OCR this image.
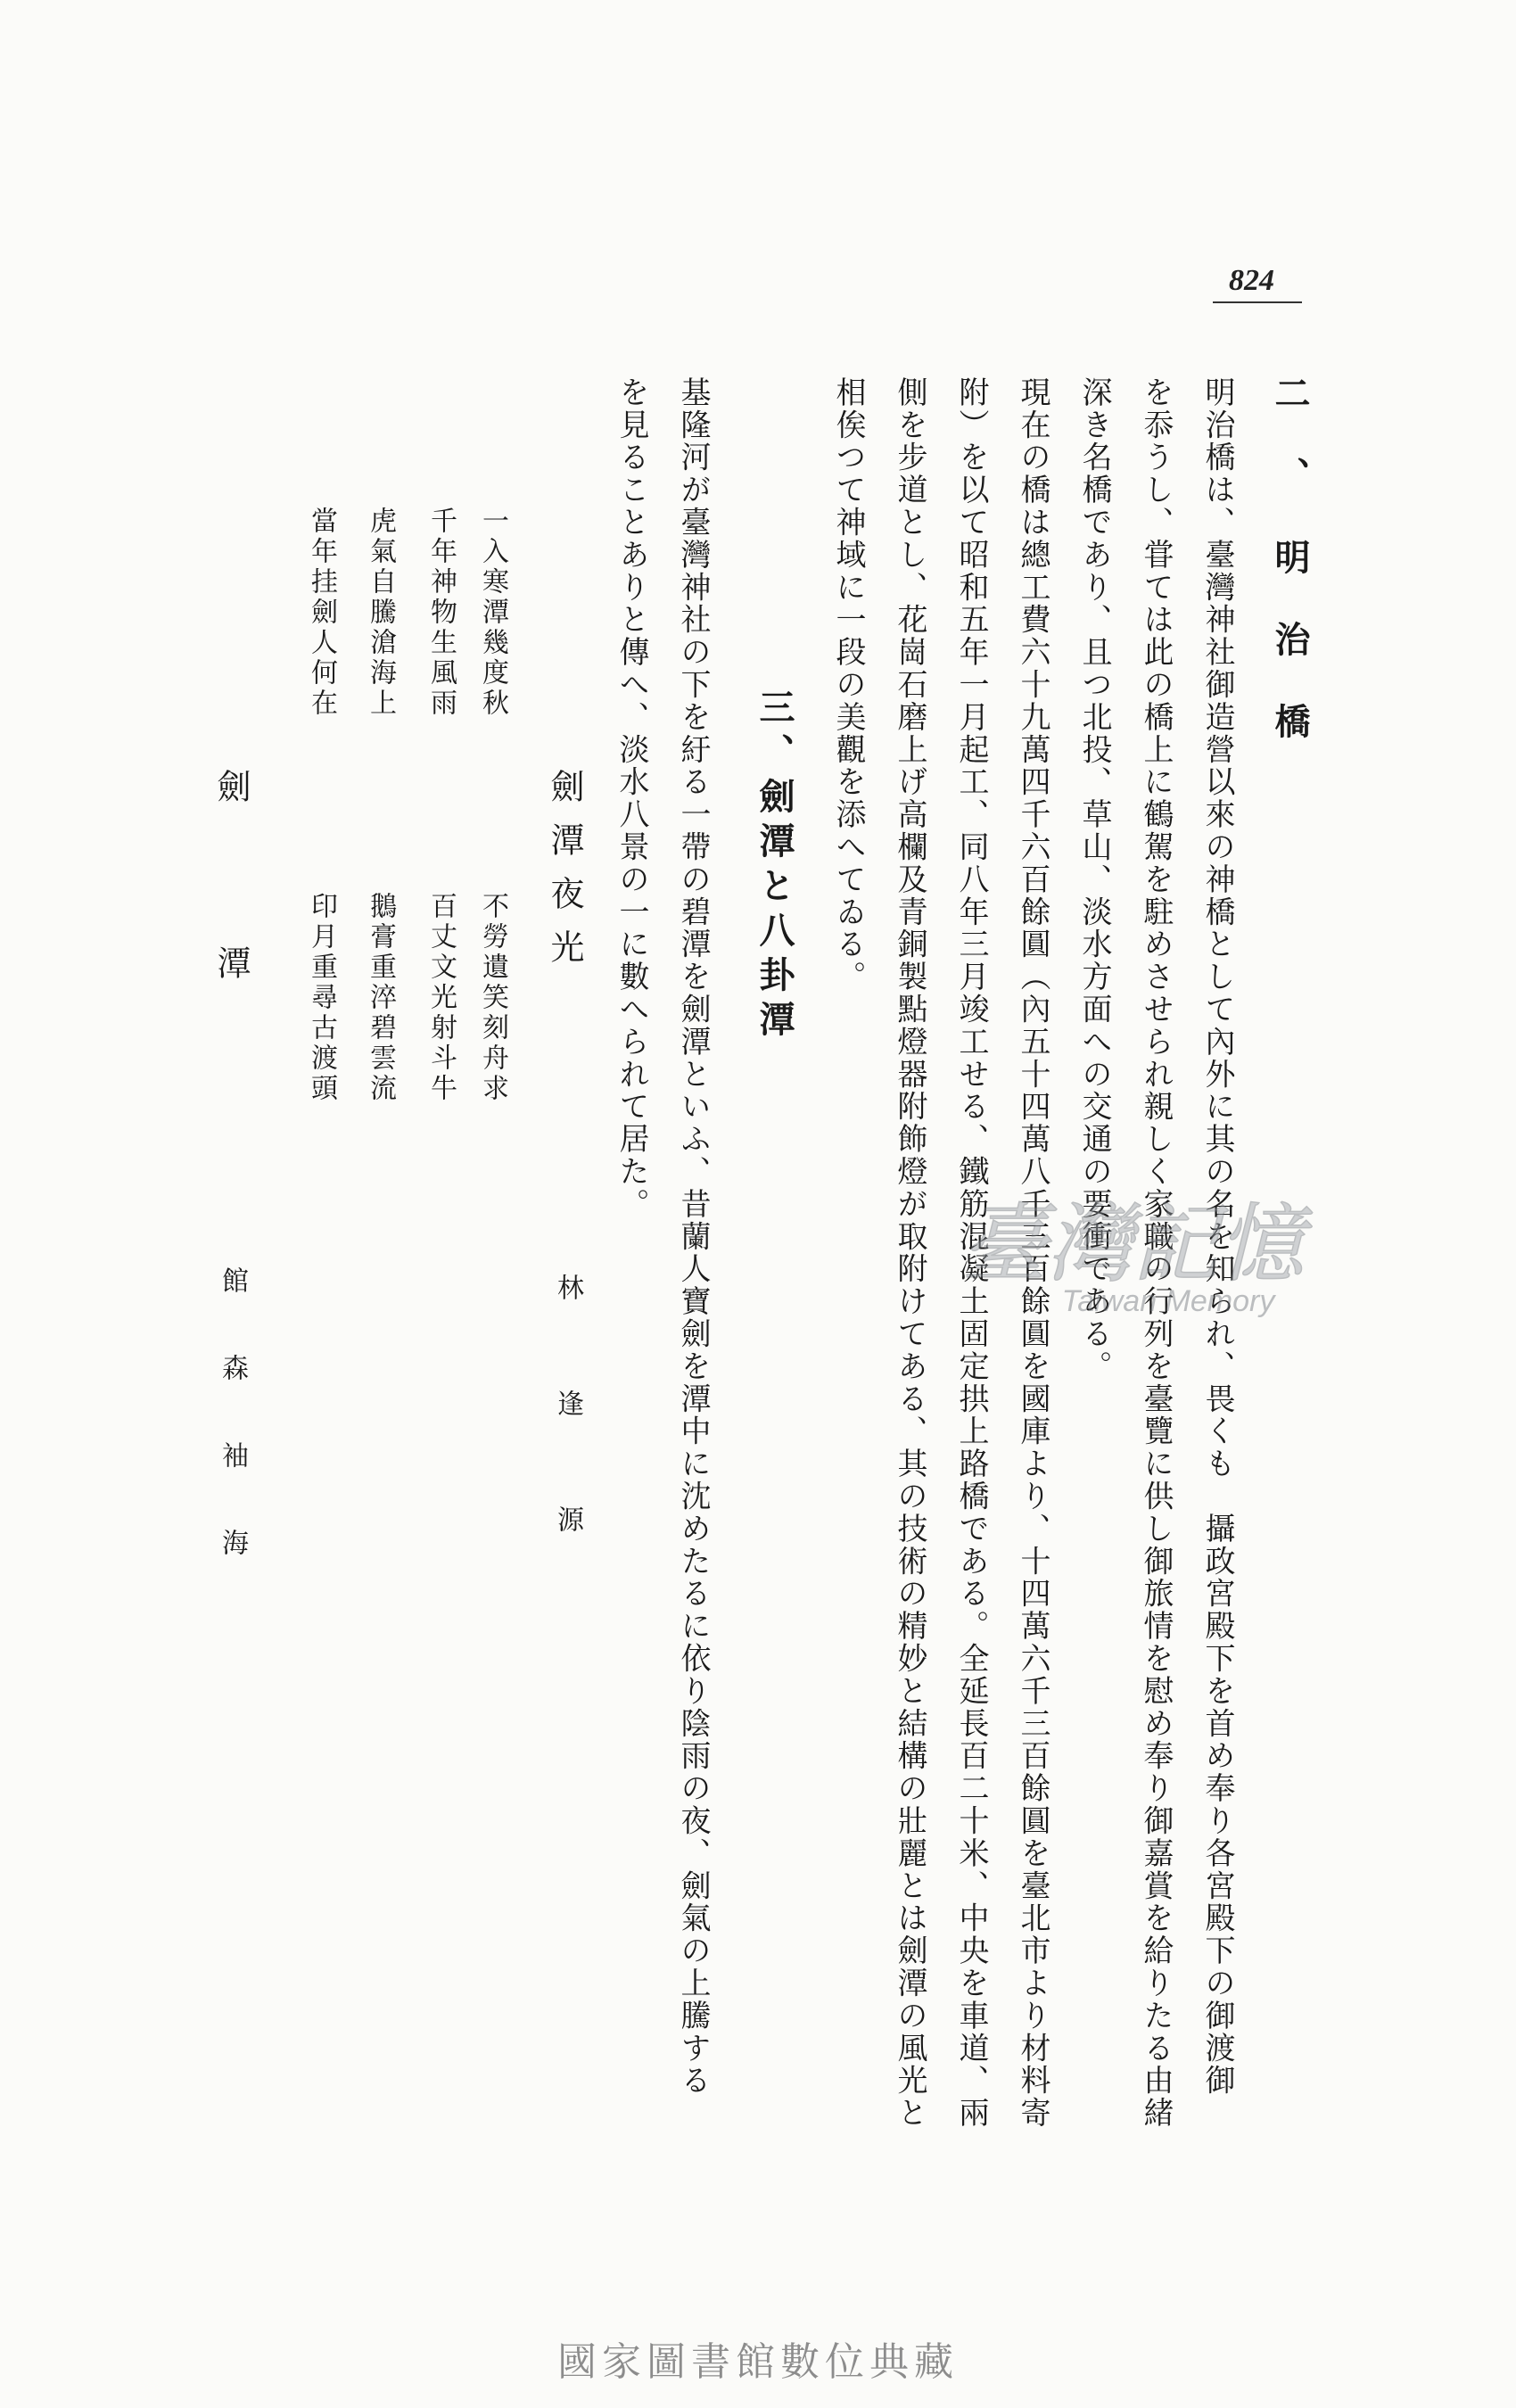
824
二、明治橋
明治橋は、臺灣神社御造營以來の神橋として內外に其の名を知られ、畏くも　攝政宮殿下を首め奉り各宮殿下の御渡御
を忝うし、甞ては此の橋上に鶴駕を駐めさせられ親しく家職の行列を臺覽に供し御旅情を慰め奉り御嘉賞を給りたる由緒
深き名橋であり、且つ北投、草山、淡水方面への交通の要衝である。
現在の橋は總工費六十九萬四千六百餘圓（內五十四萬八千三百餘圓を國庫より、十四萬六千三百餘圓を臺北市より材料寄
附）を以て昭和五年一月起工、同八年三月竣工せる、鐵筋混凝土固定拱上路橋である。全延長百二十米、中央を車道、兩
側を步道とし、花崗石磨上げ高欄及青銅製點燈器附飾燈が取附けてある、其の技術の精妙と結構の壯麗とは劍潭の風光と
相俟つて神域に一段の美觀を添へてゐる。
三、劍潭と八卦潭
基隆河が臺灣神社の下を紆る一帶の碧潭を劍潭といふ、昔蘭人寶劍を潭中に沈めたるに依り陰雨の夜、劍氣の上騰する
を見ることありと傳へ、淡水八景の一に數へられて居た。
劍潭夜光
林逢源
一入寒潭幾度秋
不勞遺笑刻舟求
千年神物生風雨
百丈文光射斗牛
虎氣自騰滄海上
鵝膏重淬碧雲流
當年挂劍人何在
印月重尋古渡頭
劍潭
館森袖海
臺灣記憶
Taiwan Memory
國家圖書館數位典藏
